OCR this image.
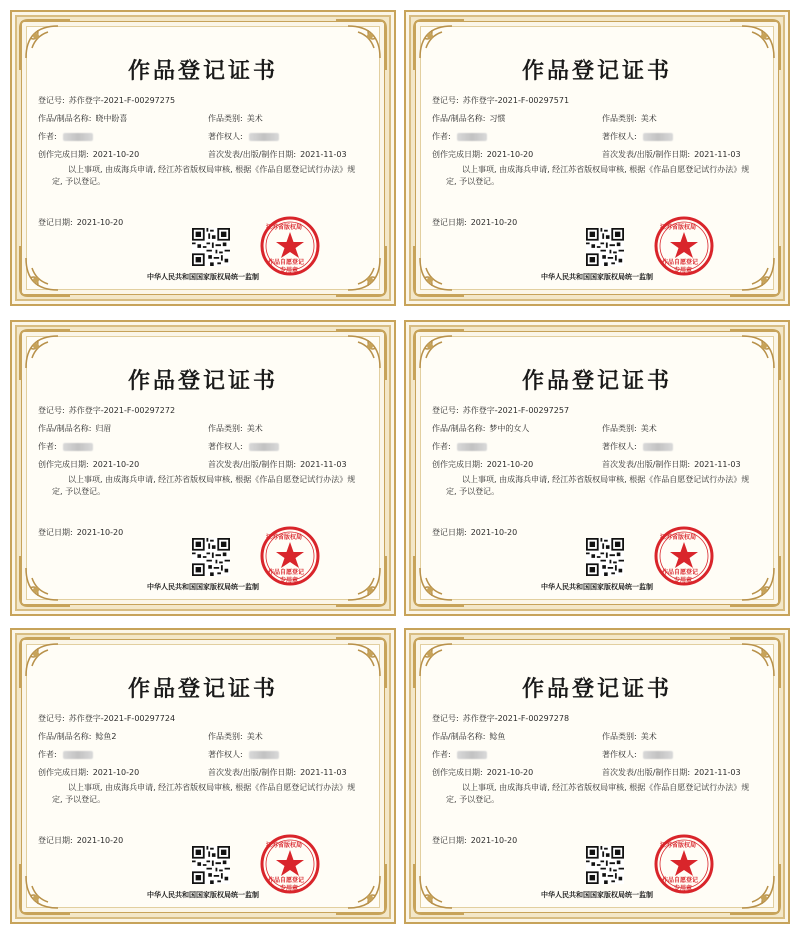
作品登记证书
登记号: 苏作登字-2021-F-00297275
作品/制品名称: 晓中盼喜	作品类别: 美术
作者:	著作权人:
创作完成日期: 2021-10-20	首次发表/出版/制作日期: 2021-11-03
以上事项, 由成海兵申请, 经江苏省版权局审核, 根据《作品自愿登记试行办法》规定, 予以登记。
登记日期: 2021-10-20
江苏省版权局
作品自愿登记
专用章
中华人民共和国国家版权局统一监制
作品登记证书
登记号: 苏作登字-2021-F-00297571
作品/制品名称: 习惯	作品类别: 美术
作者:	著作权人:
创作完成日期: 2021-10-20	首次发表/出版/制作日期: 2021-11-03
以上事项, 由成海兵申请, 经江苏省版权局审核, 根据《作品自愿登记试行办法》规定, 予以登记。
登记日期: 2021-10-20
江苏省版权局
作品自愿登记
专用章
中华人民共和国国家版权局统一监制
作品登记证书
登记号: 苏作登字-2021-F-00297272
作品/制品名称: 归眉	作品类别: 美术
作者:	著作权人:
创作完成日期: 2021-10-20	首次发表/出版/制作日期: 2021-11-03
以上事项, 由成海兵申请, 经江苏省版权局审核, 根据《作品自愿登记试行办法》规定, 予以登记。
登记日期: 2021-10-20
江苏省版权局
作品自愿登记
专用章
中华人民共和国国家版权局统一监制
作品登记证书
登记号: 苏作登字-2021-F-00297257
作品/制品名称: 梦中的女人	作品类别: 美术
作者:	著作权人:
创作完成日期: 2021-10-20	首次发表/出版/制作日期: 2021-11-03
以上事项, 由成海兵申请, 经江苏省版权局审核, 根据《作品自愿登记试行办法》规定, 予以登记。
登记日期: 2021-10-20
江苏省版权局
作品自愿登记
专用章
中华人民共和国国家版权局统一监制
作品登记证书
登记号: 苏作登字-2021-F-00297724
作品/制品名称: 鲶鱼2	作品类别: 美术
作者:	著作权人:
创作完成日期: 2021-10-20	首次发表/出版/制作日期: 2021-11-03
以上事项, 由成海兵申请, 经江苏省版权局审核, 根据《作品自愿登记试行办法》规定, 予以登记。
登记日期: 2021-10-20
江苏省版权局
作品自愿登记
专用章
中华人民共和国国家版权局统一监制
作品登记证书
登记号: 苏作登字-2021-F-00297278
作品/制品名称: 鲶鱼	作品类别: 美术
作者:	著作权人:
创作完成日期: 2021-10-20	首次发表/出版/制作日期: 2021-11-03
以上事项, 由成海兵申请, 经江苏省版权局审核, 根据《作品自愿登记试行办法》规定, 予以登记。
登记日期: 2021-10-20
江苏省版权局
作品自愿登记
专用章
中华人民共和国国家版权局统一监制
